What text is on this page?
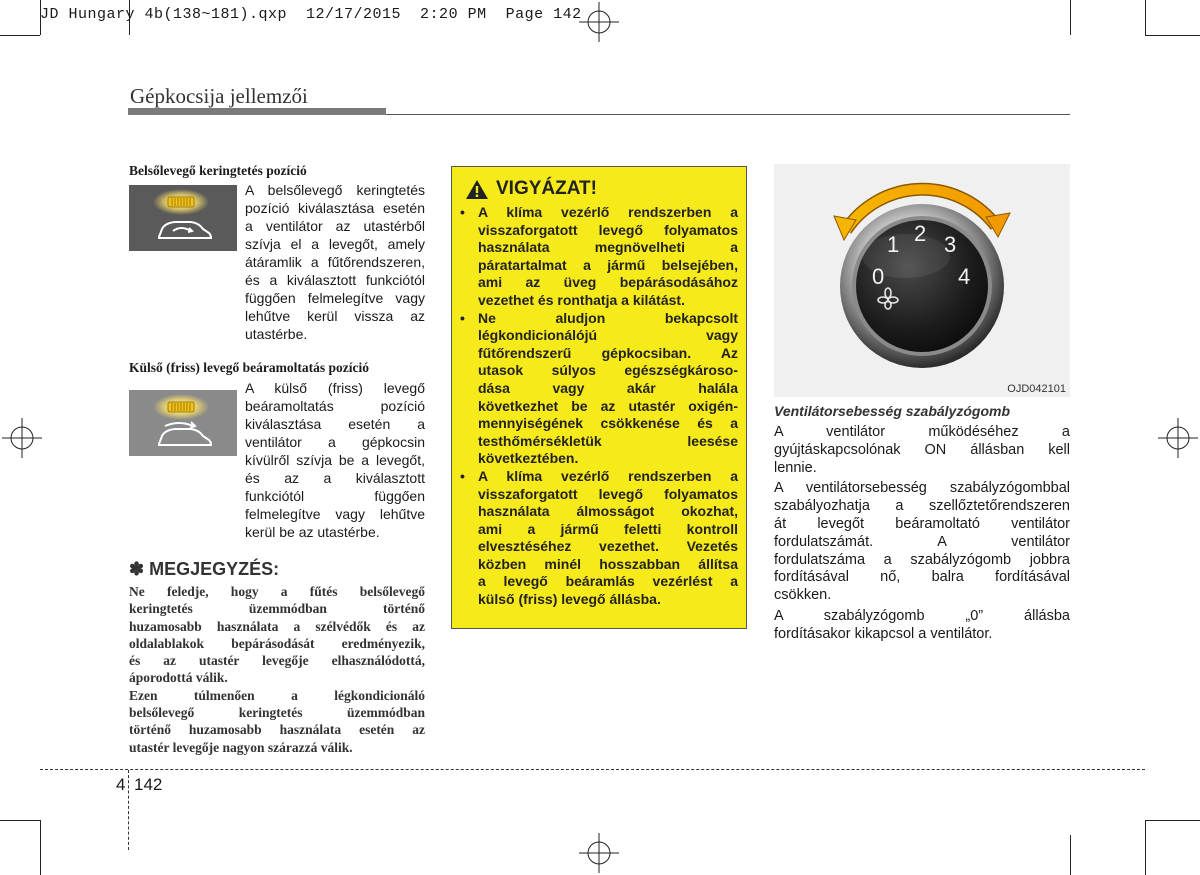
JD Hungary 4b(138~181).qxp  12/17/2015  2:20 PM  Page 142
Gépkocsija jellemzői
Belsőlevegő keringtetés pozíció
A belsőlevegő keringtetés
pozíció kiválasztása esetén
a ventilátor az utastérből
szívja el a levegőt, amely
átáramlik a fűtőrendszeren,
és a kiválasztott funkciótól
függően felmelegítve vagy
lehűtve kerül vissza az
utastérbe.
Külső (friss) levegő beáramoltatás pozíció
A külső (friss) levegő
beáramoltatás pozíció
kiválasztása esetén a
ventilátor a gépkocsin
kívülről szívja be a levegőt,
és az a kiválasztott
funkciótól függően
felmelegítve vagy lehűtve
kerül be az utastérbe.
✽ MEGJEGYZÉS:
Ne feledje, hogy a fűtés belsőlevegő
keringtetés üzemmódban történő
huzamosabb használata a szélvédők és az
oldalablakok bepárásodását eredményezik,
és az utastér levegője elhasználódottá,
áporodottá válik.
Ezen túlmenően a légkondicionáló
belsőlevegő keringtetés üzemmódban
történő huzamosabb használata esetén az
utastér levegője nagyon szárazzá válik.
VIGYÁZAT!
• A klíma vezérlő rendszerben a
visszaforgatott levegő folyamatos
használata megnövelheti a
páratartalmat a jármű belsejében,
ami az üveg bepárásodásához
vezethet és ronthatja a kilátást.
• Ne aludjon bekapcsolt
légkondicionálójú vagy
fűtőrendszerű gépkocsiban. Az
utasok súlyos egészségkároso-
dása vagy akár halála
következhet be az utastér oxigén-
mennyiségének csökkenése és a
testhőmérsékletük leesése
következtében.
• A klíma vezérlő rendszerben a
visszaforgatott levegő folyamatos
használata álmosságot okozhat,
ami a jármű feletti kontroll
elvesztéséhez vezethet. Vezetés
közben minél hosszabban állítsa
a levegő beáramlás vezérlést a
külső (friss) levegő állásba.
0
1 2 3
4
OJD042101
Ventilátorsebesség szabályzógomb

A ventilátor működéséhez a
gyújtáskapcsolónak ON állásban kell
lennie.

A ventilátorsebesség szabályzógombbal
szabályozhatja a szellőztetőrendszeren
át levegőt beáramoltató ventilátor
fordulatszámát. A ventilátor
fordulatszáma a szabályzógomb jobbra
fordításával nő, balra fordításával
csökken.

A szabályzógomb „0” állásba
fordításakor kikapcsol a ventilátor.

4 142
